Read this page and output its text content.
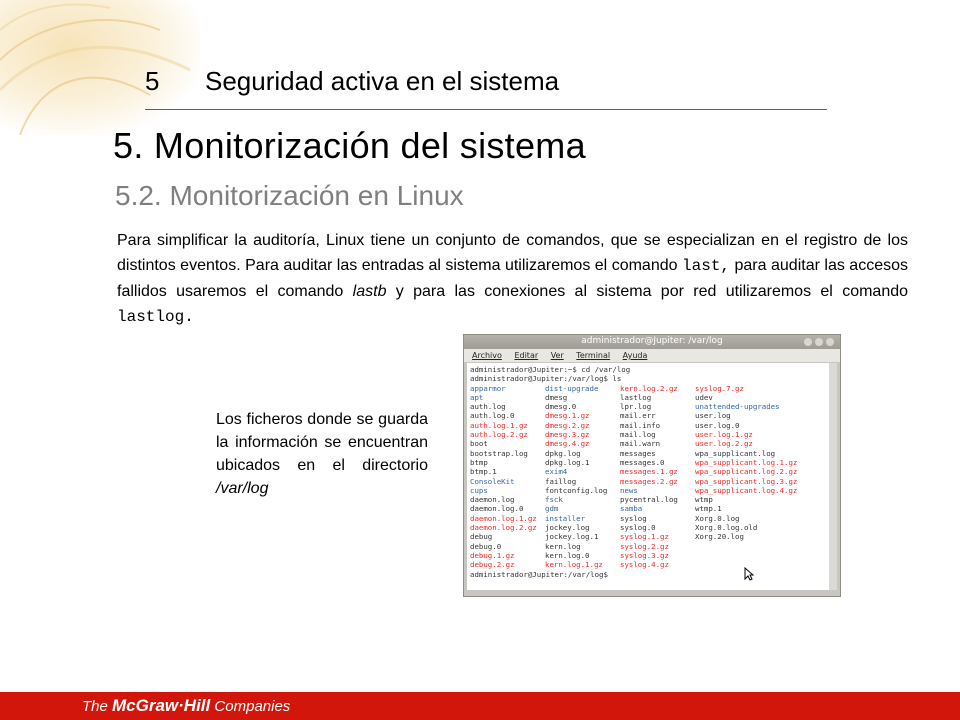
5 Seguridad activa en el sistema
5. Monitorización del sistema
5.2. Monitorización en Linux

Para simplificar la auditoría, Linux tiene un conjunto de comandos, que se especializan en el registro de los distintos eventos. Para auditar las entradas al sistema utilizaremos el comando last, para auditar las accesos fallidos usaremos el comando lastb y para las conexiones al sistema por red utilizaremos el comando lastlog.

Los ficheros donde se guarda la información se encuentran ubicados en el directorio /var/log

administrador@Jupiter: /var/log
Archivo Editar Ver Terminal Ayuda
administrador@Jupiter:~$ cd /var/log
administrador@Jupiter:/var/log$ ls
apparmor	dist-upgrade	kern.log.2.gz	syslog.7.gz
apt	dmesg	lastlog	udev
auth.log	dmesg.0	lpr.log	unattended-upgrades
auth.log.0	dmesg.1.gz	mail.err	user.log
auth.log.1.gz	dmesg.2.gz	mail.info	user.log.0
auth.log.2.gz	dmesg.3.gz	mail.log	user.log.1.gz
boot	dmesg.4.gz	mail.warn	user.log.2.gz
bootstrap.log	dpkg.log	messages	wpa_supplicant.log
btmp	dpkg.log.1	messages.0	wpa_supplicant.log.1.gz
btmp.1	exim4	messages.1.gz	wpa_supplicant.log.2.gz
ConsoleKit	faillog	messages.2.gz	wpa_supplicant.log.3.gz
cups	fontconfig.log	news	wpa_supplicant.log.4.gz
daemon.log	fsck	pycentral.log	wtmp
daemon.log.0	gdm	samba	wtmp.1
daemon.log.1.gz	installer	syslog	Xorg.0.log
daemon.log.2.gz	jockey.log	syslog.0	Xorg.0.log.old
debug	jockey.log.1	syslog.1.gz	Xorg.20.log
debug.0	kern.log	syslog.2.gz
debug.1.gz	kern.log.0	syslog.3.gz
debug.2.gz	kern.log.1.gz	syslog.4.gz
administrador@Jupiter:/var/log$
The McGraw·Hill Companies
